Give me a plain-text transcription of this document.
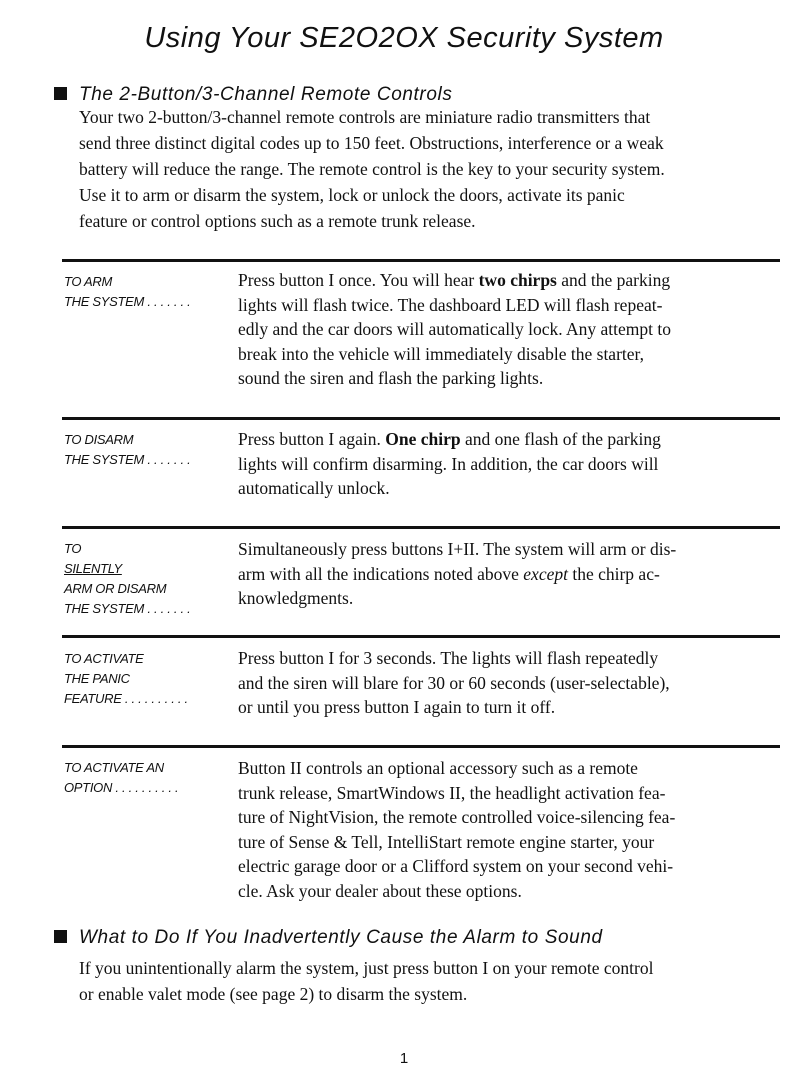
Using Your SE2O2OX Security System
The 2-Button/3-Channel Remote Controls
Your two 2-button/3-channel remote controls are miniature radio transmitters that
send three distinct digital codes up to 150 feet. Obstructions, interference or a weak
battery will reduce the range. The remote control is the key to your security system.
Use it to arm or disarm the system, lock or unlock the doors, activate its panic
feature or control options such as a remote trunk release.
TO ARM
THE SYSTEM . . . . . . .
Press button I once. You will hear two chirps and the parking
lights will flash twice. The dashboard LED will flash repeat-
edly and the car doors will automatically lock. Any attempt to
break into the vehicle will immediately disable the starter,
sound the siren and flash the parking lights.
TO DISARM
THE SYSTEM . . . . . . .
Press button I again. One chirp and one flash of the parking
lights will confirm disarming. In addition, the car doors will
automatically unlock.
TO
SILENTLY
ARM OR DISARM
THE SYSTEM . . . . . . .
Simultaneously press buttons I+II. The system will arm or dis-
arm with all the indications noted above except the chirp ac-
knowledgments.
TO ACTIVATE
THE PANIC
FEATURE . . . . . . . . . .
Press button I for 3 seconds. The lights will flash repeatedly
and the siren will blare for 30 or 60 seconds (user-selectable),
or until you press button I again to turn it off.
TO ACTIVATE AN
OPTION . . . . . . . . . .
Button II controls an optional accessory such as a remote
trunk release, SmartWindows II, the headlight activation fea-
ture of NightVision, the remote controlled voice-silencing fea-
ture of Sense & Tell, IntelliStart remote engine starter, your
electric garage door or a Clifford system on your second vehi-
cle. Ask your dealer about these options.
What to Do If You Inadvertently Cause the Alarm to Sound
If you unintentionally alarm the system, just press button I on your remote control
or enable valet mode (see page 2) to disarm the system.
1
